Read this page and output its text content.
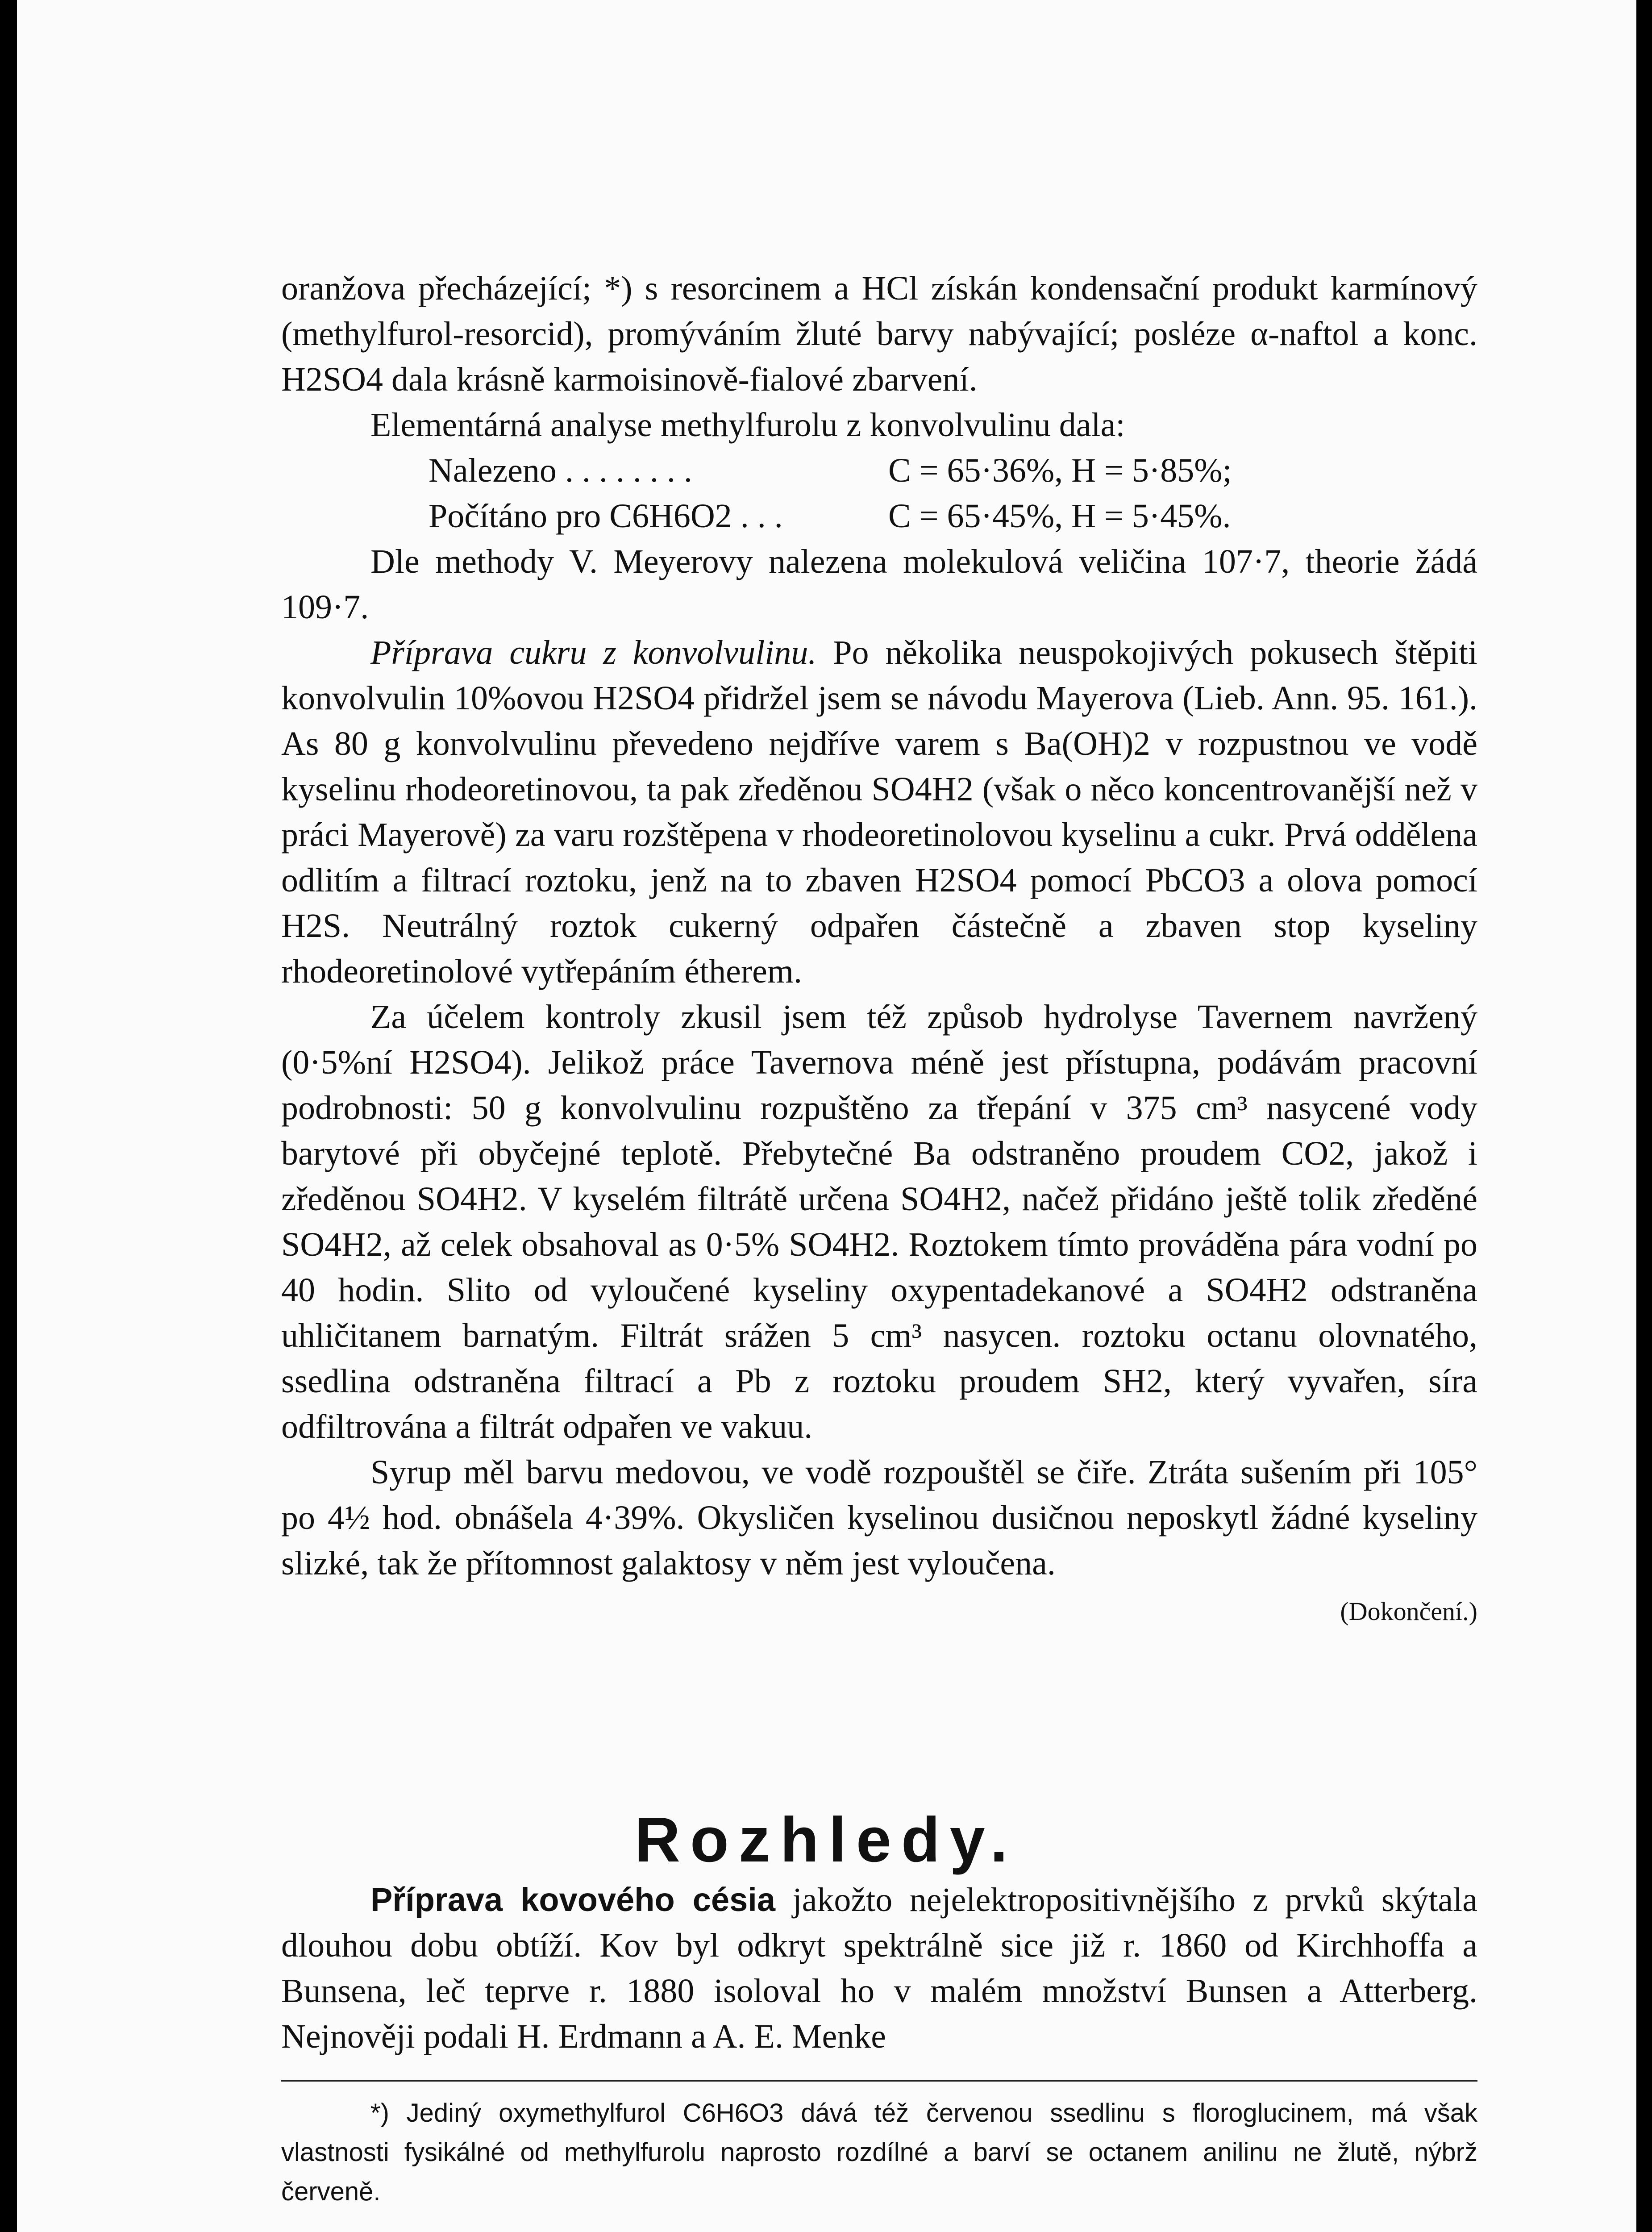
oranžova přecházející; *) s resorcinem a HCl získán kondensační produkt karmínový (methylfurol-resorcid), promýváním žluté barvy nabývající; posléze α-naftol a konc. H2SO4 dala krásně karmoisinově-fialové zbarvení.

Elementárná analyse methylfurolu z konvolvulinu dala:

Nalezeno . . . . . . . .	C = 65·36%, H = 5·85%;
Počítáno pro C6H6O2 . . .	C = 65·45%, H = 5·45%.

Dle methody V. Meyerovy nalezena molekulová veličina 107·7, theorie žádá 109·7.

Příprava cukru z konvolvulinu. Po několika neuspokojivých pokusech štěpiti konvolvulin 10%ovou H2SO4 přidržel jsem se návodu Mayerova (Lieb. Ann. 95. 161.). As 80 g konvolvulinu převedeno nejdříve varem s Ba(OH)2 v rozpustnou ve vodě kyselinu rhodeoretinovou, ta pak zředěnou SO4H2 (však o něco koncentrovanější než v práci Mayerově) za varu rozštěpena v rhodeoretinolovou kyselinu a cukr. Prvá oddělena odlitím a filtrací roztoku, jenž na to zbaven H2SO4 pomocí PbCO3 a olova pomocí H2S. Neutrálný roztok cukerný odpařen částečně a zbaven stop kyseliny rhodeoretinolové vytřepáním étherem.

Za účelem kontroly zkusil jsem též způsob hydrolyse Tavernem navržený (0·5%ní H2SO4). Jelikož práce Tavernova méně jest přístupna, podávám pracovní podrobnosti: 50 g konvolvulinu rozpuštěno za třepání v 375 cm³ nasycené vody barytové při obyčejné teplotě. Přebytečné Ba odstraněno proudem CO2, jakož i zředěnou SO4H2. V kyselém filtrátě určena SO4H2, načež přidáno ještě tolik zředěné SO4H2, až celek obsahoval as 0·5% SO4H2. Roztokem tímto prováděna pára vodní po 40 hodin. Slito od vyloučené kyseliny oxypentadekanové a SO4H2 odstraněna uhličitanem barnatým. Filtrát srážen 5 cm³ nasycen. roztoku octanu olovnatého, ssedlina odstraněna filtrací a Pb z roztoku proudem SH2, který vyvařen, síra odfiltrována a filtrát odpařen ve vakuu.

Syrup měl barvu medovou, ve vodě rozpouštěl se čiře. Ztráta sušením při 105° po 4½ hod. obnášela 4·39%. Okysličen kyselinou dusičnou neposkytl žádné kyseliny slizké, tak že přítomnost galaktosy v něm jest vyloučena.

(Dokončení.)
Rozhledy.

Příprava kovového césia jakožto nejelektropositivnějšího z prvků skýtala dlouhou dobu obtíží. Kov byl odkryt spektrálně sice již r. 1860 od Kirchhoffa a Bunsena, leč teprve r. 1880 isoloval ho v malém množství Bunsen a Atterberg. Nejnověji podali H. Erdmann a A. E. Menke

*) Jediný oxymethylfurol C6H6O3 dává též červenou ssedlinu s floroglucinem, má však vlastnosti fysikálné od methylfurolu naprosto rozdílné a barví se octanem anilinu ne žlutě, nýbrž červeně.
